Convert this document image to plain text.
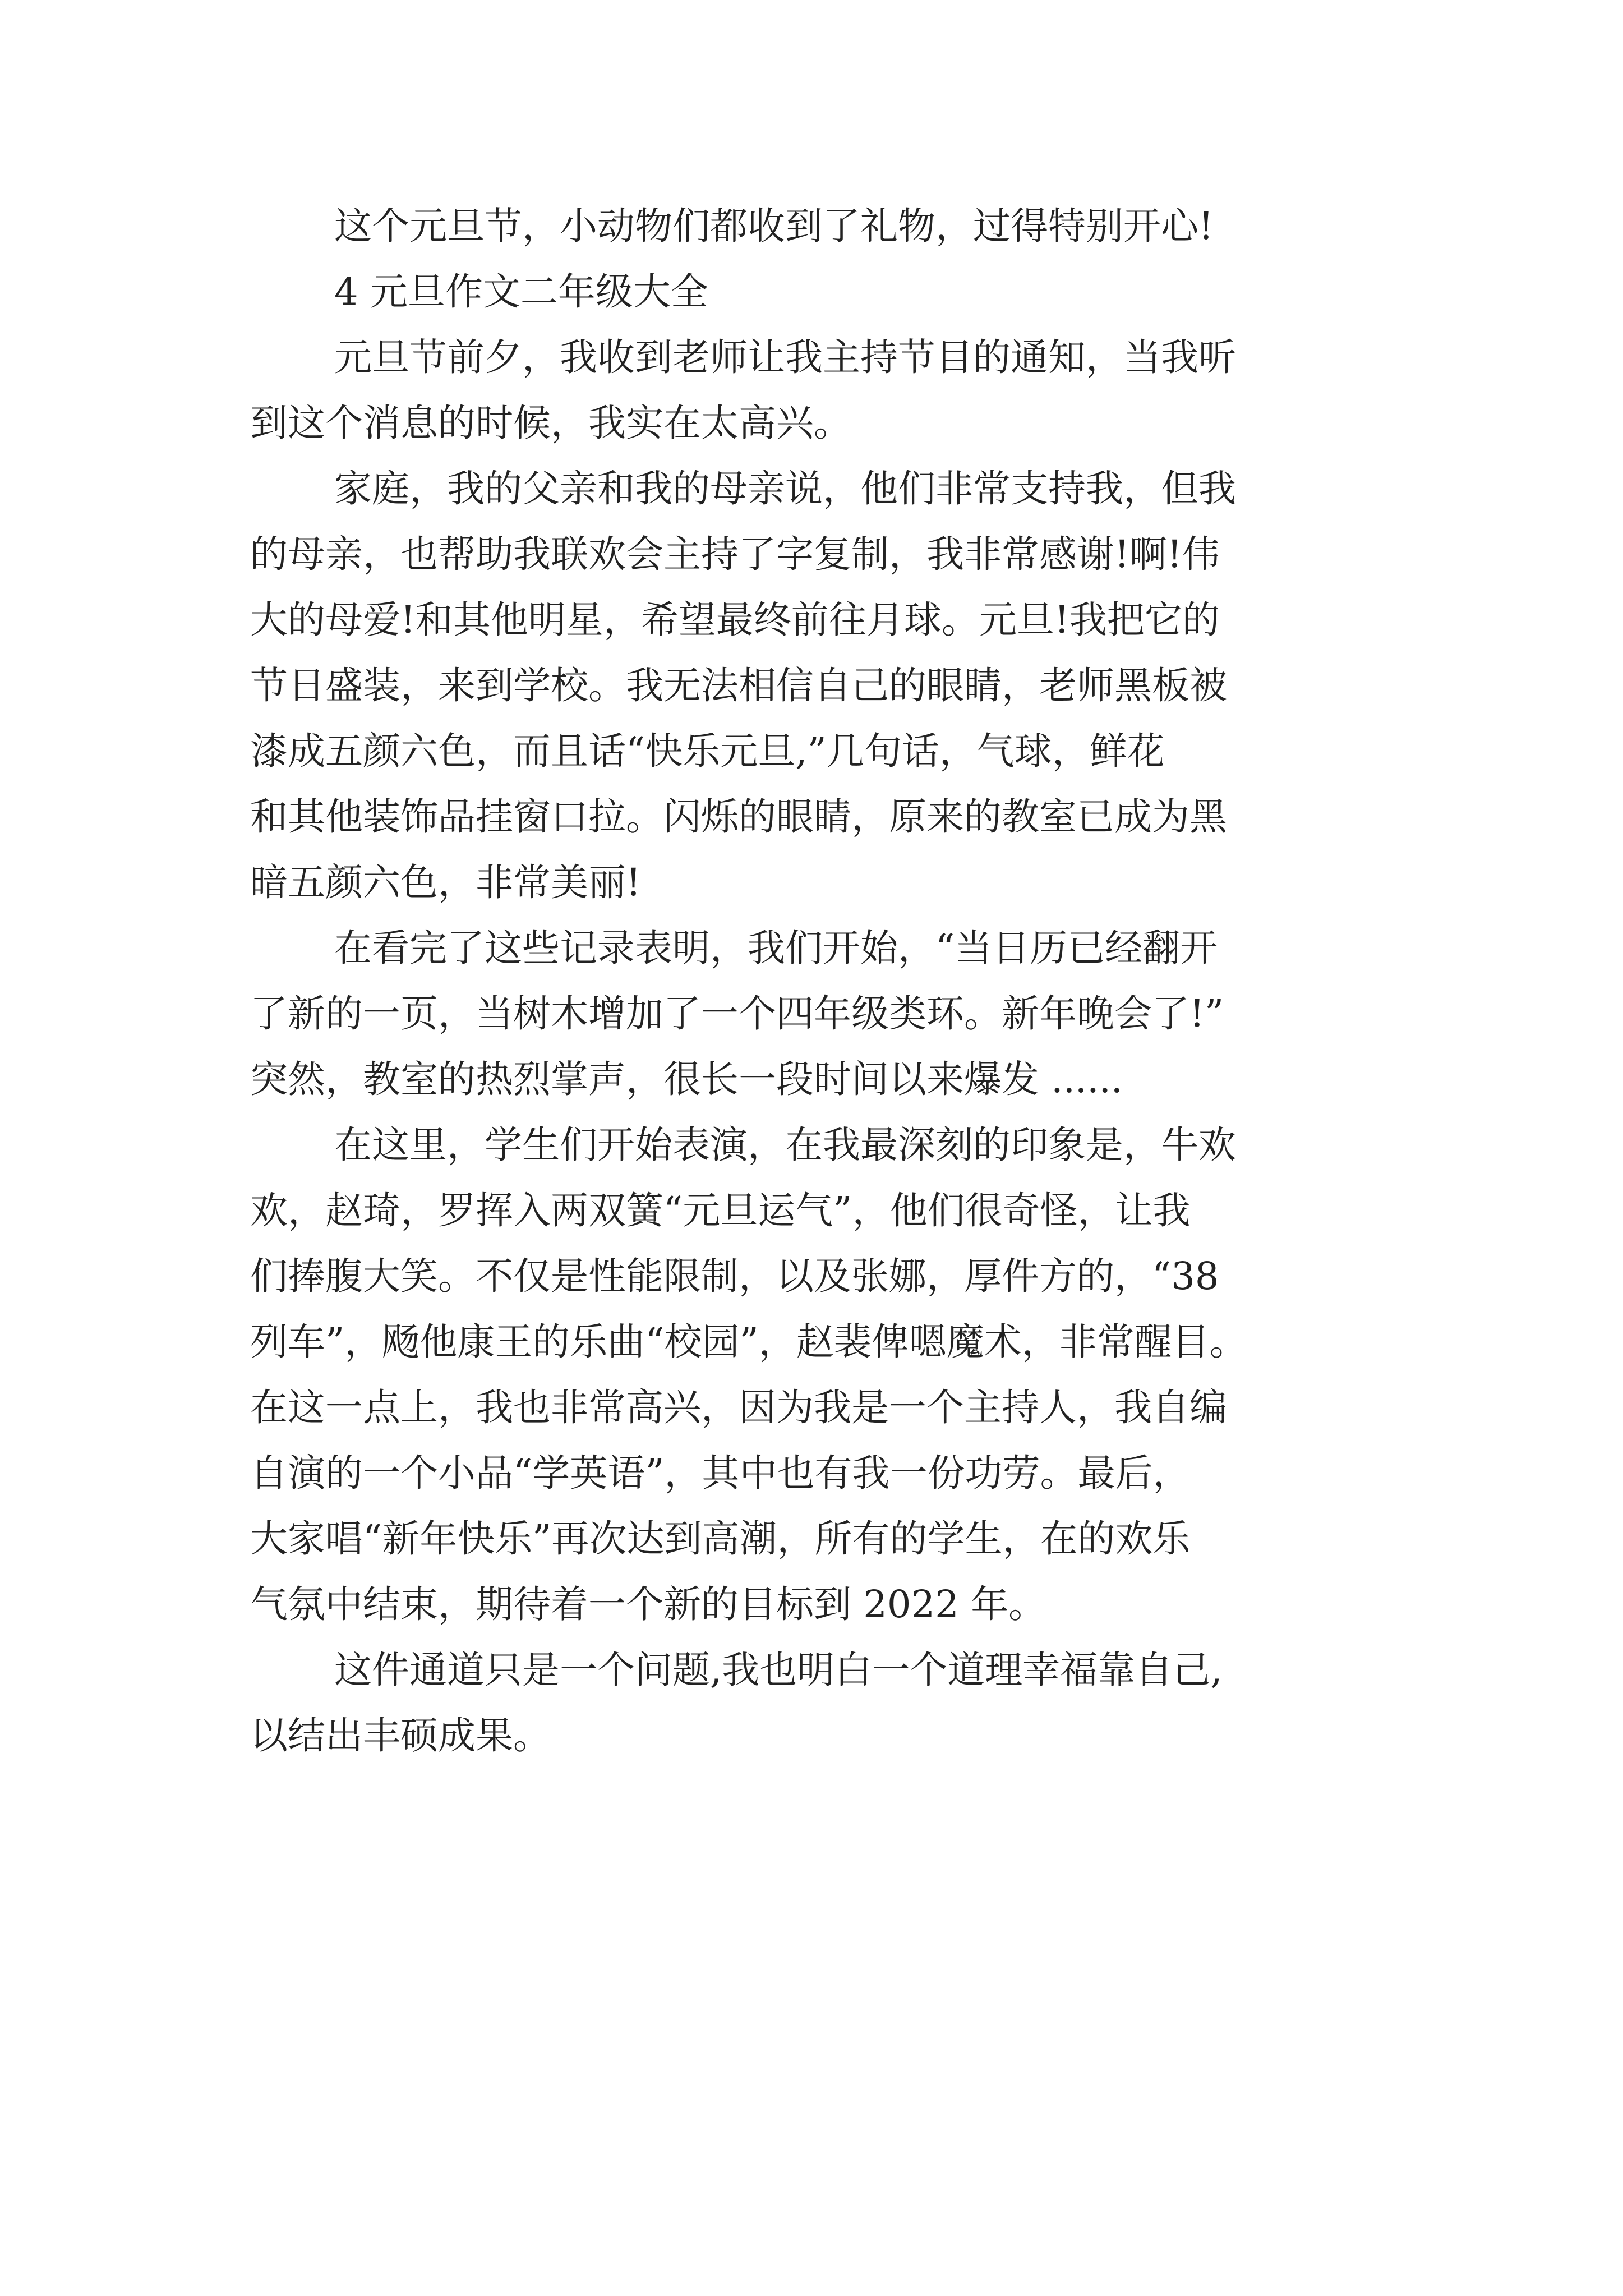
这个元旦节，小动物们都收到了礼物，过得特别开心!

4 元旦作文二年级大全

元旦节前夕，我收到老师让我主持节目的通知，当我听

到这个消息的时候，我实在太高兴。

家庭，我的父亲和我的母亲说，他们非常支持我，但我

的母亲，也帮助我联欢会主持了字复制，我非常感谢!啊!伟

大的母爱!和其他明星，希望最终前往月球。元旦!我把它的

节日盛装，来到学校。我无法相信自己的眼睛，老师黑板被

漆成五颜六色，而且话“快乐元旦,”几句话，气球，鲜花

和其他装饰品挂窗口拉。闪烁的眼睛，原来的教室已成为黑

暗五颜六色，非常美丽!

在看完了这些记录表明，我们开始，“当日历已经翻开

了新的一页，当树木增加了一个四年级类环。新年晚会了!”

突然，教室的热烈掌声，很长一段时间以来爆发 ......

在这里，学生们开始表演，在我最深刻的印象是，牛欢

欢，赵琦，罗挥入两双簧“元旦运气”，他们很奇怪，让我

们捧腹大笑。不仅是性能限制，以及张娜，厚件方的，“38

列车”，飏他康王的乐曲“校园”，赵裴俾嗯魔术，非常醒目。

在这一点上，我也非常高兴，因为我是一个主持人，我自编

自演的一个小品“学英语”，其中也有我一份功劳。最后，

大家唱“新年快乐”再次达到高潮，所有的学生，在的欢乐

气氛中结束，期待着一个新的目标到 2022 年。

这件通道只是一个问题,我也明白一个道理幸福靠自己,

以结出丰硕成果。
